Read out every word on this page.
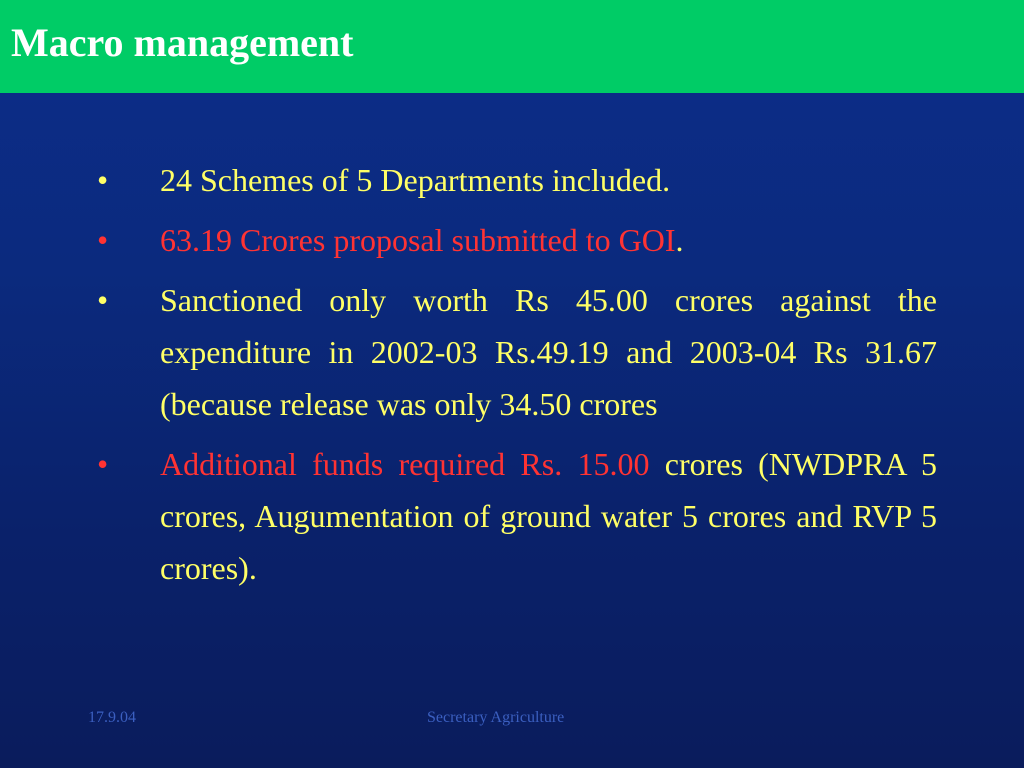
Macro management
• 24 Schemes of 5 Departments included.
• 63.19 Crores proposal submitted to GOI.
• Sanctioned only worth Rs 45.00 crores against the expenditure in 2002-03 Rs.49.19 and 2003-04 Rs 31.67 (because release was only 34.50 crores
• Additional funds required Rs. 15.00 crores (NWDPRA 5 crores, Augumentation of ground water 5 crores and RVP 5 crores).
17.9.04	Secretary Agriculture
